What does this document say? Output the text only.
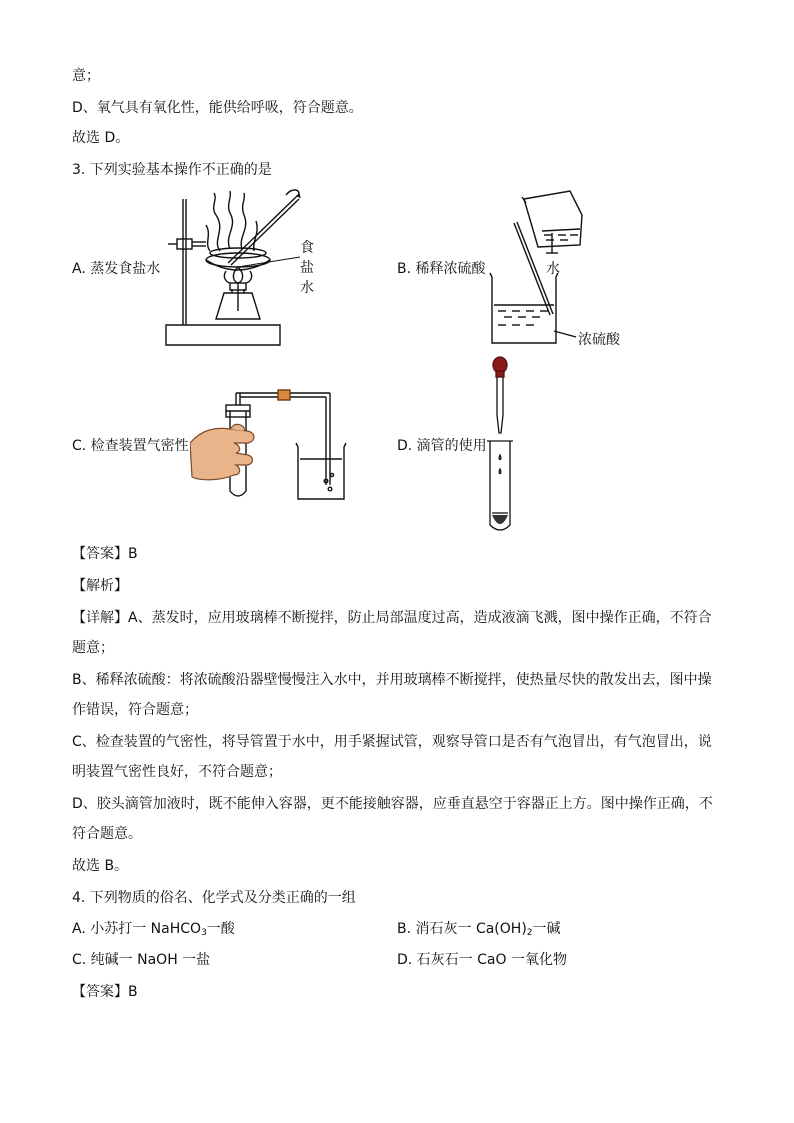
意；
D、氧气具有氧化性，能供给呼吸，符合题意。
故选 D。
3. 下列实验基本操作不正确的是
A. 蒸发食盐水	B. 稀释浓硫酸
C. 检查装置气密性	D. 滴管的使用
食
盐
水
水
浓硫酸
【答案】B
【解析】
【详解】A、蒸发时，应用玻璃棒不断搅拌，防止局部温度过高，造成液滴飞溅，图中操作正确，不符合
题意；
B、稀释浓硫酸：将浓硫酸沿器壁慢慢注入水中，并用玻璃棒不断搅拌，使热量尽快的散发出去，图中操
作错误，符合题意；
C、检查装置的气密性，将导管置于水中，用手紧握试管，观察导管口是否有气泡冒出，有气泡冒出，说
明装置气密性良好，不符合题意；
D、胶头滴管加液时，既不能伸入容器，更不能接触容器，应垂直悬空于容器正上方。图中操作正确，不
符合题意。
故选 B。
4. 下列物质的俗名、化学式及分类正确的一组
A. 小苏打一 NaHCO$_3$一酸	B. 消石灰一 $Ca(OH)_2$一碱
C. 纯碱一 NaOH 一盐	D. 石灰石一 CaO 一氧化物
【答案】B
